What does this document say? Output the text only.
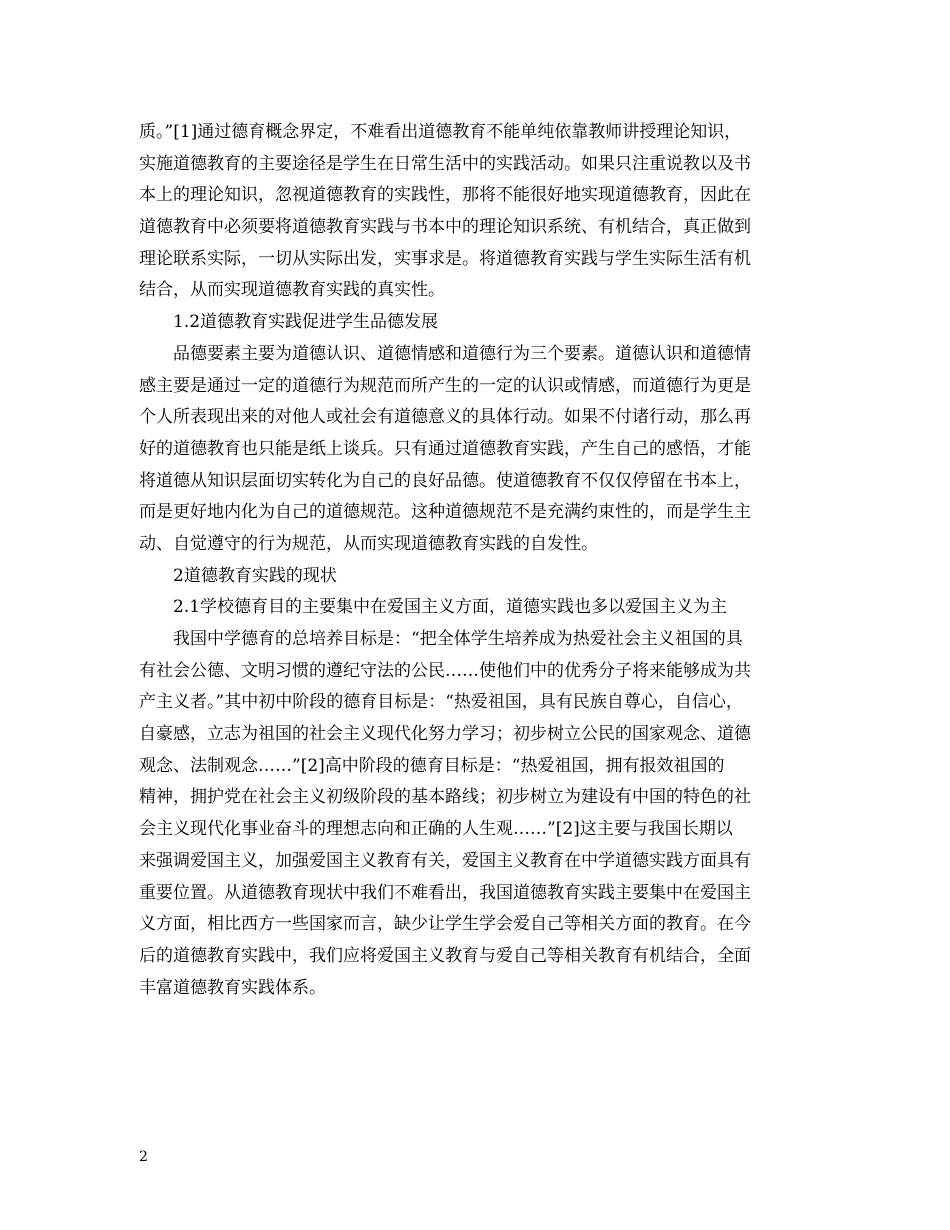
质。”[1]通过德育概念界定，不难看出道德教育不能单纯依靠教师讲授理论知识，
实施道德教育的主要途径是学生在日常生活中的实践活动。如果只注重说教以及书
本上的理论知识，忽视道德教育的实践性，那将不能很好地实现道德教育，因此在
道德教育中必须要将道德教育实践与书本中的理论知识系统、有机结合，真正做到
理论联系实际，一切从实际出发，实事求是。将道德教育实践与学生实际生活有机
结合，从而实现道德教育实践的真实性。
1.2道德教育实践促进学生品德发展
品德要素主要为道德认识、道德情感和道德行为三个要素。道德认识和道德情
感主要是通过一定的道德行为规范而所产生的一定的认识或情感，而道德行为更是
个人所表现出来的对他人或社会有道德意义的具体行动。如果不付诸行动，那么再
好的道德教育也只能是纸上谈兵。只有通过道德教育实践，产生自己的感悟，才能
将道德从知识层面切实转化为自己的良好品德。使道德教育不仅仅停留在书本上，
而是更好地内化为自己的道德规范。这种道德规范不是充满约束性的，而是学生主
动、自觉遵守的行为规范，从而实现道德教育实践的自发性。
2道德教育实践的现状
2.1学校德育目的主要集中在爱国主义方面，道德实践也多以爱国主义为主
我国中学德育的总培养目标是：“把全体学生培养成为热爱社会主义祖国的具
有社会公德、文明习惯的遵纪守法的公民……使他们中的优秀分子将来能够成为共
产主义者。”其中初中阶段的德育目标是：“热爱祖国，具有民族自尊心，自信心，
自豪感，立志为祖国的社会主义现代化努力学习；初步树立公民的国家观念、道德
观念、法制观念……”[2]高中阶段的德育目标是：“热爱祖国，拥有报效祖国的
精神，拥护党在社会主义初级阶段的基本路线；初步树立为建设有中国的特色的社
会主义现代化事业奋斗的理想志向和正确的人生观……”[2]这主要与我国长期以
来强调爱国主义，加强爱国主义教育有关，爱国主义教育在中学道德实践方面具有
重要位置。从道德教育现状中我们不难看出，我国道德教育实践主要集中在爱国主
义方面，相比西方一些国家而言，缺少让学生学会爱自己等相关方面的教育。在今
后的道德教育实践中，我们应将爱国主义教育与爱自己等相关教育有机结合，全面
丰富道德教育实践体系。
2
